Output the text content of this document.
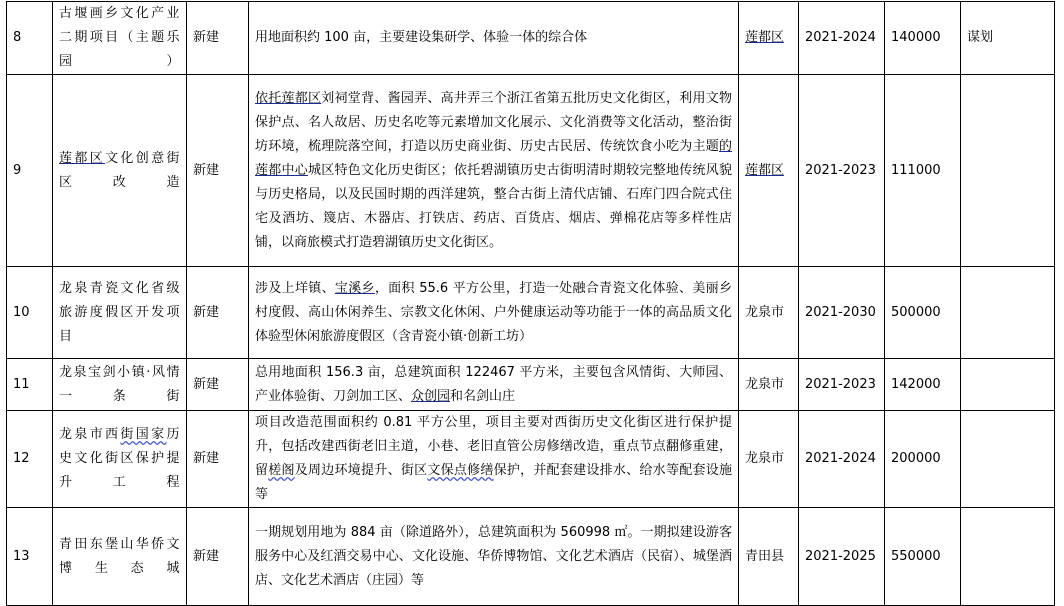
8	古堰画乡文化产业二期项目（主题乐园）	新建	用地面积约 100 亩，主要建设集研学、体验一体的综合体	莲都区	2021-2024	140000	谋划
9	莲都区文化创意街区改造	新建	依托莲都区刘祠堂背、酱园弄、高井弄三个浙江省第五批历史文化街区，利用文物保护点、名人故居、历史名吃等元素增加文化展示、文化消费等文化活动，整治街坊环境，梳理院落空间，打造以历史商业街、历史古民居、传统饮食小吃为主题的莲都中心城区特色文化历史街区；依托碧湖镇历史古街明清时期较完整地传统风貌与历史格局，以及民国时期的西洋建筑，整合古街上清代店铺、石库门四合院式住宅及酒坊、篾店、木器店、打铁店、药店、百货店、烟店、弹棉花店等多样性店铺，以商旅模式打造碧湖镇历史文化街区。	莲都区	2021-2023	111000	
10	龙泉青瓷文化省级旅游度假区开发项目	新建	涉及上垟镇、宝溪乡，面积 55.6 平方公里，打造一处融合青瓷文化体验、美丽乡村度假、高山休闲养生、宗教文化休闲、户外健康运动等功能于一体的高品质文化体验型休闲旅游度假区（含青瓷小镇·创新工坊）	龙泉市	2021-2030	500000	
11	龙泉宝剑小镇·风情一条街	新建	总用地面积 156.3 亩，总建筑面积 122467 平方米，主要包含风情街、大师园、产业体验街、刀剑加工区、众创园和名剑山庄	龙泉市	2021-2023	142000	
12	龙泉市西街国家历史文化街区保护提升工程	新建	项目改造范围面积约 0.81 平方公里，项目主要对西街历史文化街区进行保护提升，包括改建西街老旧主道，小巷、老旧直管公房修缮改造，重点节点翻修重建，留槎阁及周边环境提升、街区文保点修缮保护，并配套建设排水、给水等配套设施等	龙泉市	2021-2024	200000	
13	青田东堡山华侨文博生态城	新建	一期规划用地为 884 亩（除道路外），总建筑面积为 560998 ㎡。一期拟建设游客服务中心及红酒交易中心、文化设施、华侨博物馆、文化艺术酒店（民宿）、城堡酒店、文化艺术酒店（庄园）等	青田县	2021-2025	550000	
